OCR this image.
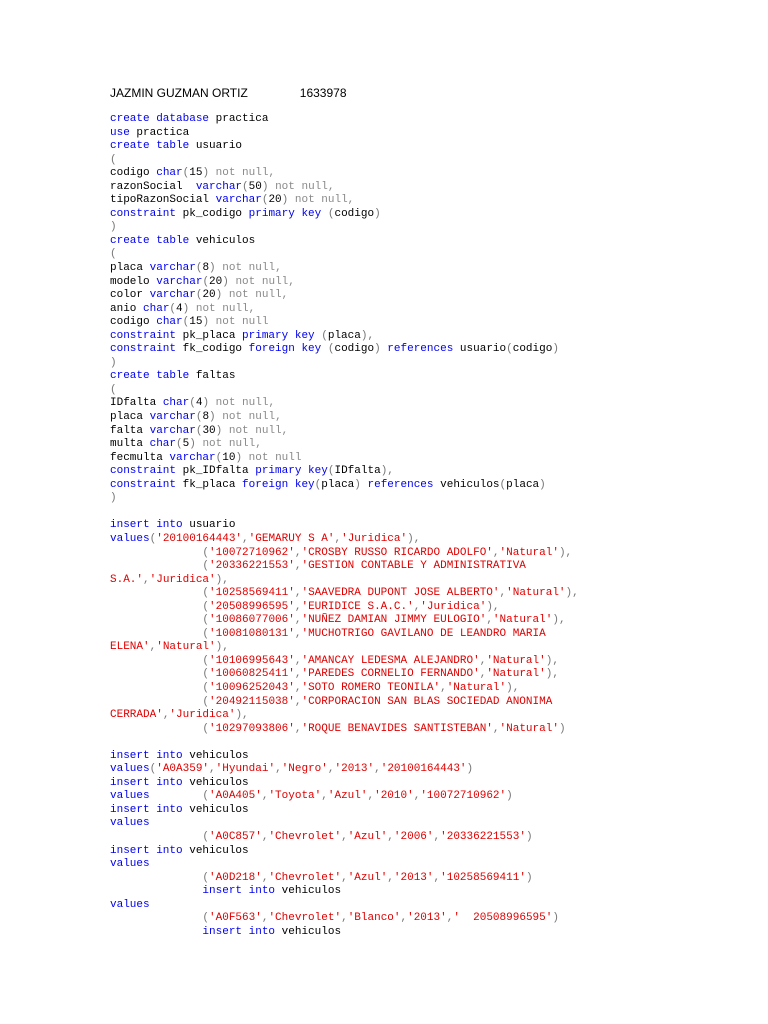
JAZMIN GUZMAN ORTIZ	1633978
create database practica
use practica
create table usuario
(
codigo char(15) not null,
razonSocial  varchar(50) not null,
tipoRazonSocial varchar(20) not null,
constraint pk_codigo primary key (codigo)
)
create table vehiculos
(
placa varchar(8) not null,
modelo varchar(20) not null,
color varchar(20) not null,
anio char(4) not null,
codigo char(15) not null
constraint pk_placa primary key (placa),
constraint fk_codigo foreign key (codigo) references usuario(codigo)
)
create table faltas
(
IDfalta char(4) not null,
placa varchar(8) not null,
falta varchar(30) not null,
multa char(5) not null,
fecmulta varchar(10) not null
constraint pk_IDfalta primary key(IDfalta),
constraint fk_placa foreign key(placa) references vehiculos(placa)
)

insert into usuario
values('20100164443','GEMARUY S A','Juridica'),
('10072710962','CROSBY RUSSO RICARDO ADOLFO','Natural'),
('20336221553','GESTION CONTABLE Y ADMINISTRATIVA
S.A.','Juridica'),
('10258569411','SAAVEDRA DUPONT JOSE ALBERTO','Natural'),
('20508996595','EURIDICE S.A.C.','Juridica'),
('10086077006','NUÑEZ DAMIAN JIMMY EULOGIO','Natural'),
('10081080131','MUCHOTRIGO GAVILANO DE LEANDRO MARIA
ELENA','Natural'),
('10106995643','AMANCAY LEDESMA ALEJANDRO','Natural'),
('10060825411','PAREDES CORNELIO FERNANDO','Natural'),
('10096252043','SOTO ROMERO TEONILA','Natural'),
('20492115038','CORPORACION SAN BLAS SOCIEDAD ANONIMA
CERRADA','Juridica'),
('10297093806','ROQUE BENAVIDES SANTISTEBAN','Natural')

insert into vehiculos
values('A0A359','Hyundai','Negro','2013','20100164443')
insert into vehiculos
values	('A0A405','Toyota','Azul','2010','10072710962')
insert into vehiculos
values
('A0C857','Chevrolet','Azul','2006','20336221553')
insert into vehiculos
values
('A0D218','Chevrolet','Azul','2013','10258569411')
insert into vehiculos
values
('A0F563','Chevrolet','Blanco','2013','  20508996595')
insert into vehiculos
